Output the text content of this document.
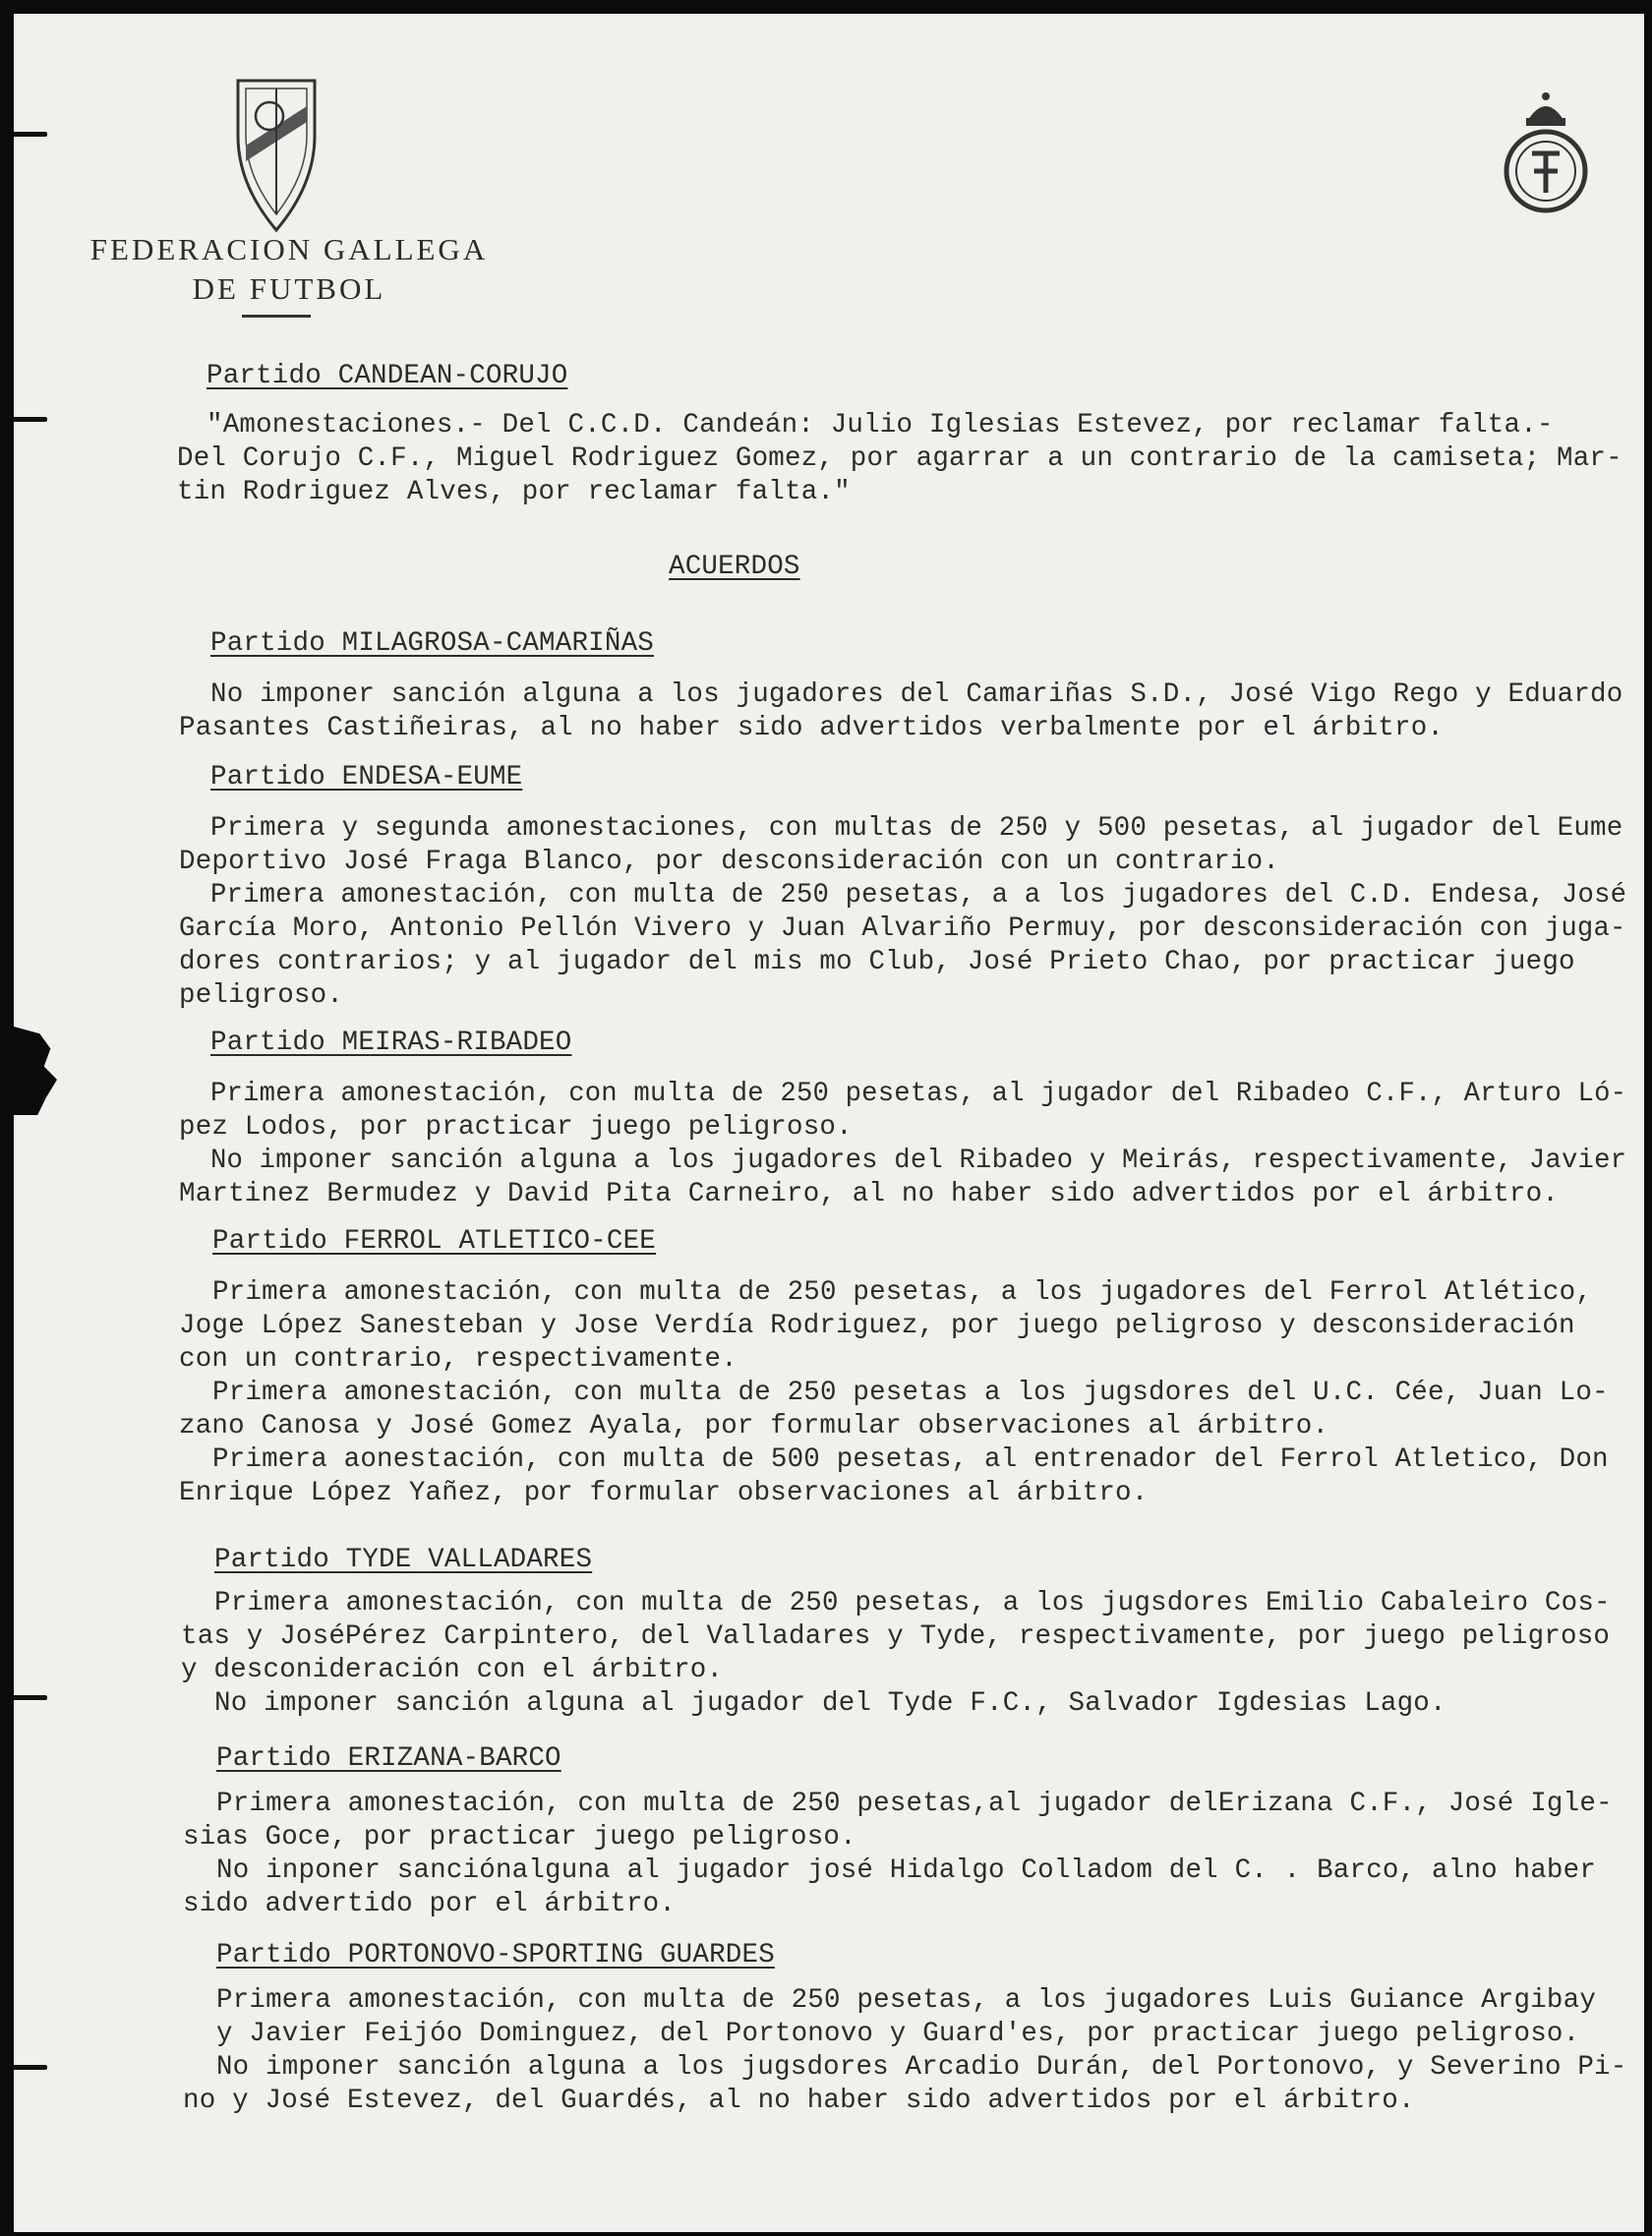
FEDERACION GALLEGA
DE FUTBOL
Partido CANDEAN-CORUJO
"Amonestaciones.- Del C.C.D. Candeán: Julio Iglesias Estevez, por reclamar falta.-
Del Corujo C.F., Miguel Rodriguez Gomez, por agarrar a un contrario de la camiseta; Mar-
tin Rodriguez Alves, por reclamar falta."
ACUERDOS
Partido MILAGROSA-CAMARIÑAS
No imponer sanción alguna a los jugadores del Camariñas S.D., José Vigo Rego y Eduardo
Pasantes Castiñeiras, al no haber sido advertidos verbalmente por el árbitro.
Partido ENDESA-EUME
Primera y segunda amonestaciones, con multas de 250 y 500 pesetas, al jugador del Eume
Deportivo José Fraga Blanco, por desconsideración con un contrario.
Primera amonestación, con multa de 250 pesetas, a a los jugadores del C.D. Endesa, José
García Moro, Antonio Pellón Vivero y Juan Alvariño Permuy, por desconsideración con juga-
dores contrarios; y al jugador del mis mo Club, José Prieto Chao, por practicar juego
peligroso.
Partido MEIRAS-RIBADEO
Primera amonestación, con multa de 250 pesetas, al jugador del Ribadeo C.F., Arturo Ló-
pez Lodos, por practicar juego peligroso.
No imponer sanción alguna a los jugadores del Ribadeo y Meirás, respectivamente, Javier
Martinez Bermudez y David Pita Carneiro, al no haber sido advertidos por el árbitro.
Partido FERROL ATLETICO-CEE
Primera amonestación, con multa de 250 pesetas, a los jugadores del Ferrol Atlético,
Joge López Sanesteban y Jose Verdía Rodriguez, por juego peligroso y desconsideración
con un contrario, respectivamente.
Primera amonestación, con multa de 250 pesetas a los jugsdores del U.C. Cée, Juan Lo-
zano Canosa y José Gomez Ayala, por formular observaciones al árbitro.
Primera aonestación, con multa de 500 pesetas, al entrenador del Ferrol Atletico, Don
Enrique López Yañez, por formular observaciones al árbitro.
Partido TYDE VALLADARES
Primera amonestación, con multa de 250 pesetas, a los jugsdores Emilio Cabaleiro Cos-
tas y JoséPérez Carpintero, del Valladares y Tyde, respectivamente, por juego peligroso
y desconideración con el árbitro.
No imponer sanción alguna al jugador del Tyde F.C., Salvador Igdesias Lago.
Partido ERIZANA-BARCO
Primera amonestación, con multa de 250 pesetas,al jugador delErizana C.F., José Igle-
sias Goce, por practicar juego peligroso.
No inponer sanciónalguna al jugador josé Hidalgo Colladom del C. . Barco, alno haber
sido advertido por el árbitro.
Partido PORTONOVO-SPORTING GUARDES
Primera amonestación, con multa de 250 pesetas, a los jugadores Luis Guiance Argibay
y Javier Feijóo Dominguez, del Portonovo y Guard'es, por practicar juego peligroso.
No imponer sanción alguna a los jugsdores Arcadio Durán, del Portonovo, y Severino Pi-
no y José Estevez, del Guardés, al no haber sido advertidos por el árbitro.
